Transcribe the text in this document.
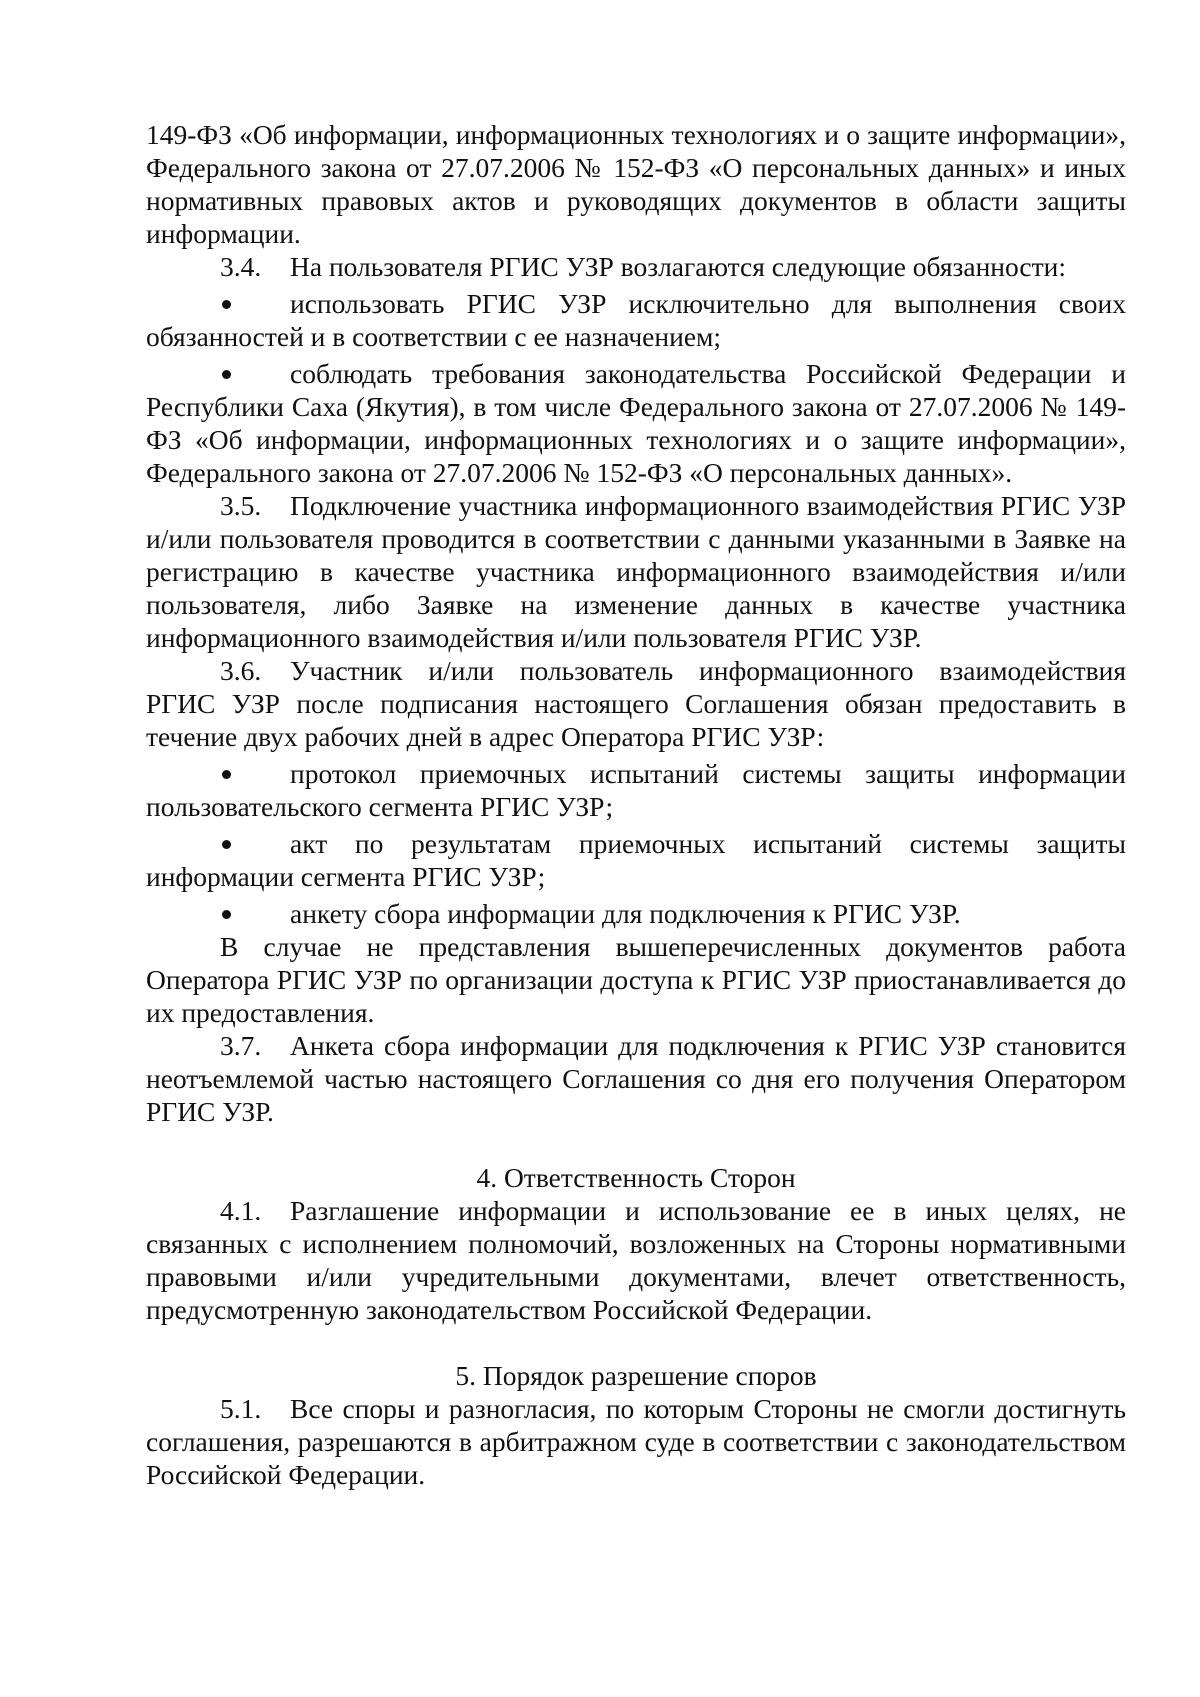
149-ФЗ «Об информации, информационных технологиях и о защите информации», Федерального закона от 27.07.2006 № 152-ФЗ «О персональных данных» и иных нормативных правовых актов и руководящих документов в области защиты информации.

3.4. На пользователя РГИС УЗР возлагаются следующие обязанности:

использовать РГИС УЗР исключительно для выполнения своих обязанностей и в соответствии с ее назначением;

соблюдать требования законодательства Российской Федерации и Республики Саха (Якутия), в том числе Федерального закона от 27.07.2006 № 149-ФЗ «Об информации, информационных технологиях и о защите информации», Федерального закона от 27.07.2006 № 152-ФЗ «О персональных данных».

3.5. Подключение участника информационного взаимодействия РГИС УЗР и/или пользователя проводится в соответствии с данными указанными в Заявке на регистрацию в качестве участника информационного взаимодействия и/или пользователя, либо Заявке на изменение данных в качестве участника информационного взаимодействия и/или пользователя РГИС УЗР.

3.6. Участник и/или пользователь информационного взаимодействия РГИС УЗР после подписания настоящего Соглашения обязан предоставить в течение двух рабочих дней в адрес Оператора РГИС УЗР:

протокол приемочных испытаний системы защиты информации пользовательского сегмента РГИС УЗР;

акт по результатам приемочных испытаний системы защиты информации сегмента РГИС УЗР;

анкету сбора информации для подключения к РГИС УЗР.

В случае не представления вышеперечисленных документов работа Оператора РГИС УЗР по организации доступа к РГИС УЗР приостанавливается до их предоставления.

3.7. Анкета сбора информации для подключения к РГИС УЗР становится неотъемлемой частью настоящего Соглашения со дня его получения Оператором РГИС УЗР.

4. Ответственность Сторон

4.1. Разглашение информации и использование ее в иных целях, не связанных с исполнением полномочий, возложенных на Стороны нормативными правовыми и/или учредительными документами, влечет ответственность, предусмотренную законодательством Российской Федерации.

5. Порядок разрешение споров

5.1. Все споры и разногласия, по которым Стороны не смогли достигнуть соглашения, разрешаются в арбитражном суде в соответствии с законодательством Российской Федерации.
